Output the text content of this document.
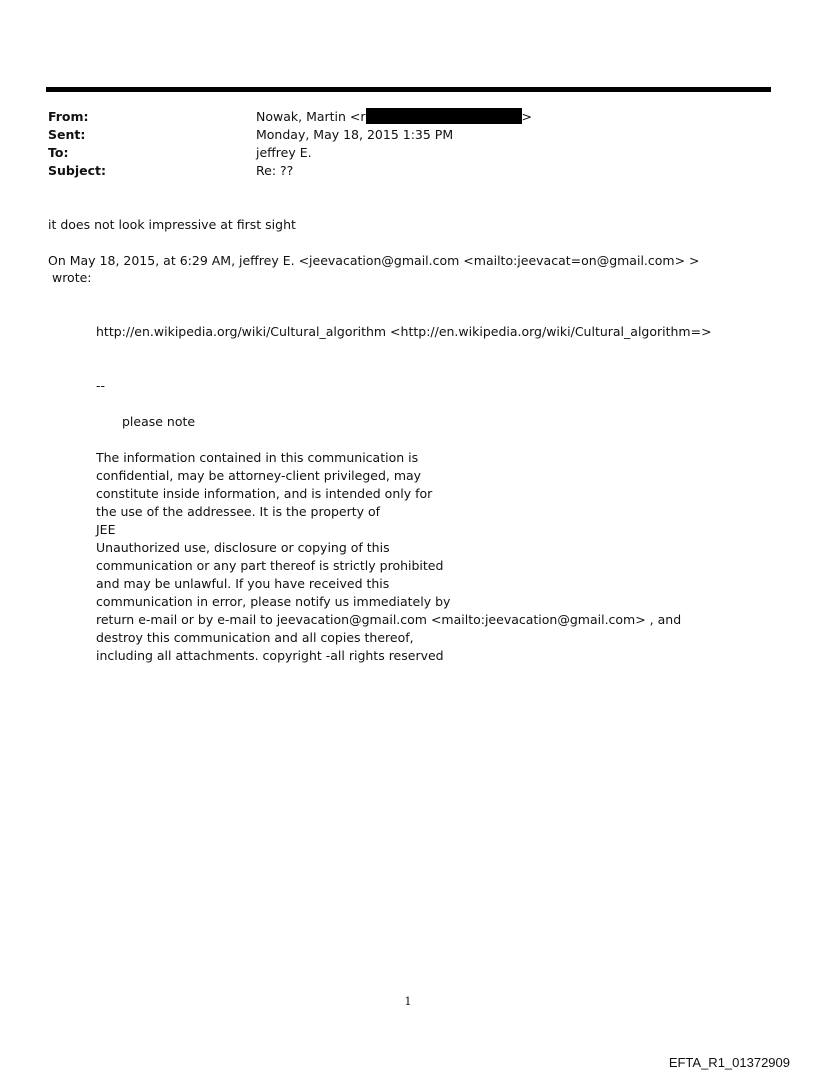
From:	Nowak, Martin <r	>
Sent:	Monday, May 18, 2015 1:35 PM
To:	jeffrey E.
Subject:	Re: ??
it does not look impressive at first sight
On May 18, 2015, at 6:29 AM, jeffrey E. <jeevacation@gmail.com <mailto:jeevacat=on@gmail.com> >
wrote:
http://en.wikipedia.org/wiki/Cultural_algorithm <http://en.wikipedia.org/wiki/Cultural_algorithm=>
--
please note
The information contained in this communication is
confidential, may be attorney-client privileged, may
constitute inside information, and is intended only for
the use of the addressee. It is the property of
JEE
Unauthorized use, disclosure or copying of this
communication or any part thereof is strictly prohibited
and may be unlawful. If you have received this
communication in error, please notify us immediately by
return e-mail or by e-mail to jeevacation@gmail.com <mailto:jeevacation@gmail.com> , and
destroy this communication and all copies thereof,
including all attachments. copyright -all rights reserved
1
EFTA_R1_01372909
